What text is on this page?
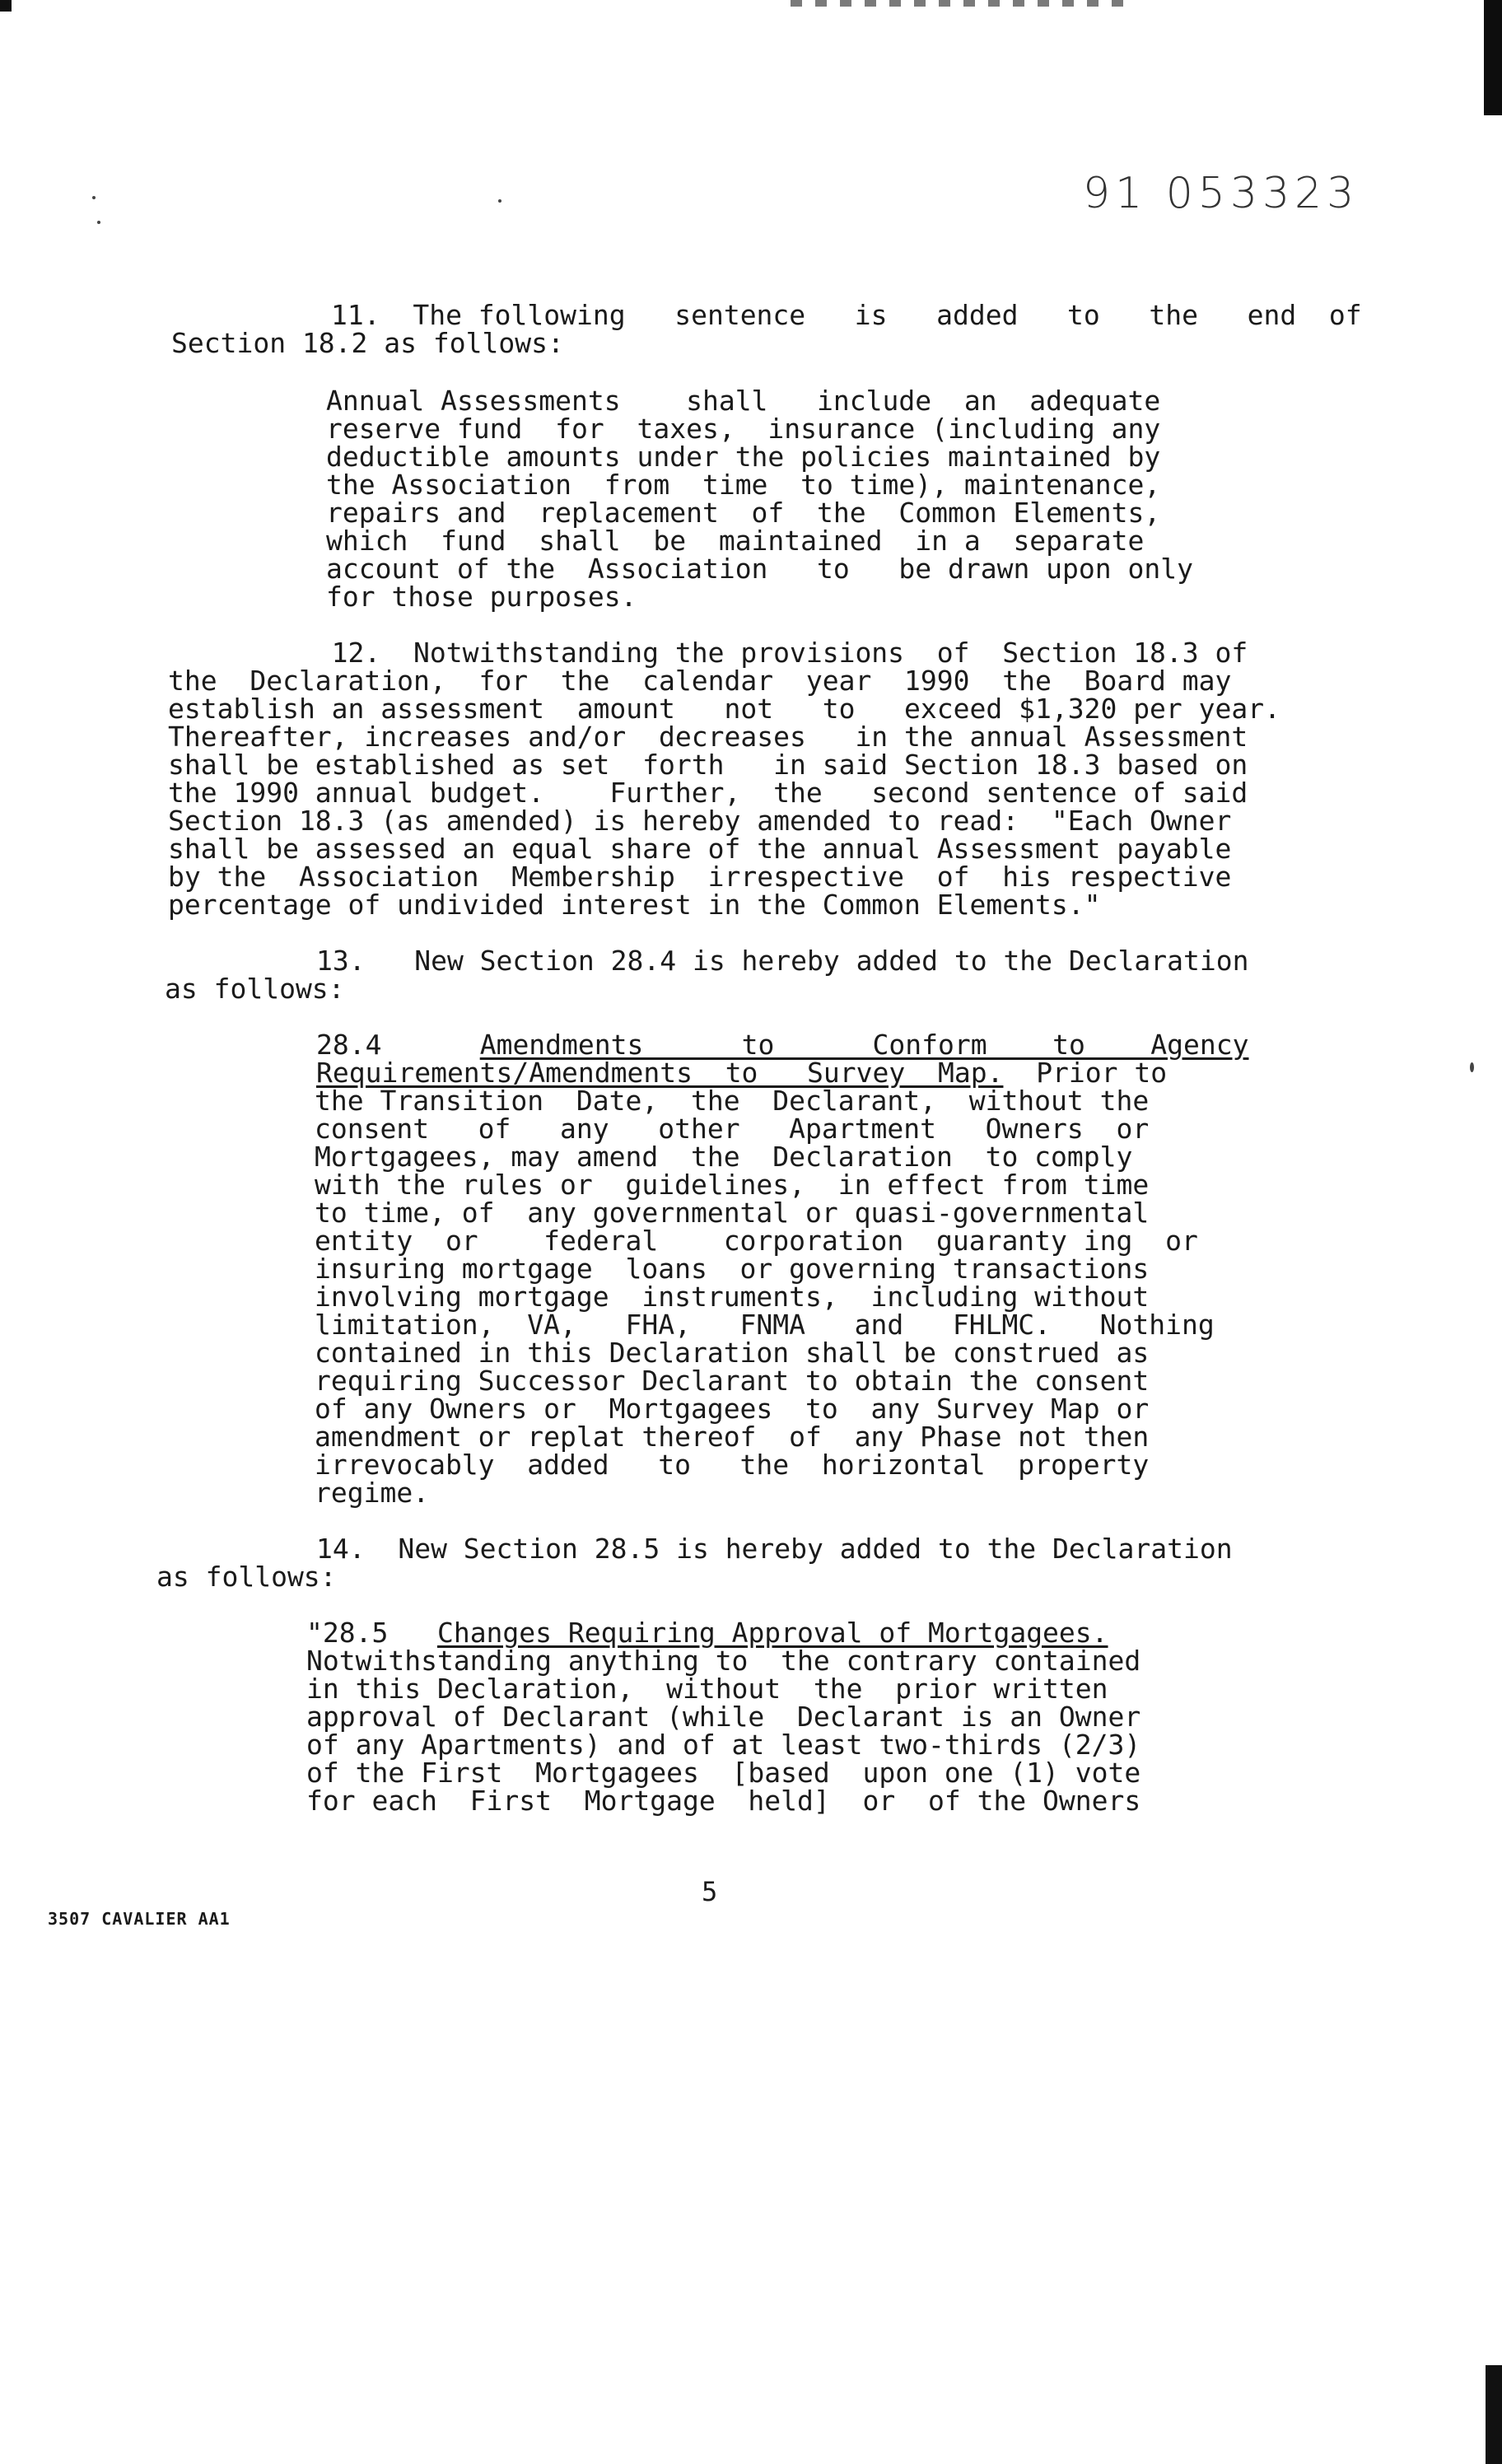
91 053323

11.  The following   sentence   is   added   to   the   end  of

Section 18.2 as follows:

Annual Assessments    shall   include  an  adequate
reserve fund  for  taxes,  insurance (including any
deductible amounts under the policies maintained by
the Association  from  time  to time), maintenance,
repairs and  replacement  of  the  Common Elements,
which  fund  shall  be  maintained  in a  separate
account of the  Association   to   be drawn upon only
for those purposes.

12.  Notwithstanding the provisions  of  Section 18.3 of
the  Declaration,  for  the  calendar  year  1990  the  Board may
establish an assessment  amount   not   to   exceed $1,320 per year.
Thereafter, increases and/or  decreases   in the annual Assessment
shall be established as set  forth   in said Section 18.3 based on
the 1990 annual budget.    Further,  the   second sentence of said
Section 18.3 (as amended) is hereby amended to read:  "Each Owner
shall be assessed an equal share of the annual Assessment payable
by the  Association  Membership  irrespective  of  his respective
percentage of undivided interest in the Common Elements."

13.   New Section 28.4 is hereby added to the Declaration

as follows:

28.4	Amendments      to      Conform    to    Agency

Requirements/Amendments  to   Survey  Map.  Prior to

the Transition  Date,  the  Declarant,  without the
consent   of   any   other   Apartment   Owners  or
Mortgagees, may amend  the  Declaration  to comply
with the rules or  guidelines,  in effect from time
to time, of  any governmental or quasi-governmental
entity  or    federal    corporation  guaranty ing  or
insuring mortgage  loans  or governing transactions
involving mortgage  instruments,  including without
limitation,  VA,   FHA,   FNMA   and   FHLMC.   Nothing
contained in this Declaration shall be construed as
requiring Successor Declarant to obtain the consent
of any Owners or  Mortgagees  to  any Survey Map or
amendment or replat thereof  of  any Phase not then
irrevocably  added   to   the  horizontal  property
regime.

14.  New Section 28.5 is hereby added to the Declaration

as follows:

"28.5 Changes Requiring Approval of Mortgagees.

Notwithstanding anything to  the contrary contained
in this Declaration,  without  the  prior written
approval of Declarant (while  Declarant is an Owner
of any Apartments) and of at least two-thirds (2/3)
of the First  Mortgagees  [based  upon one (1) vote
for each  First  Mortgage  held]  or  of the Owners

5
3507 CAVALIER AA1
